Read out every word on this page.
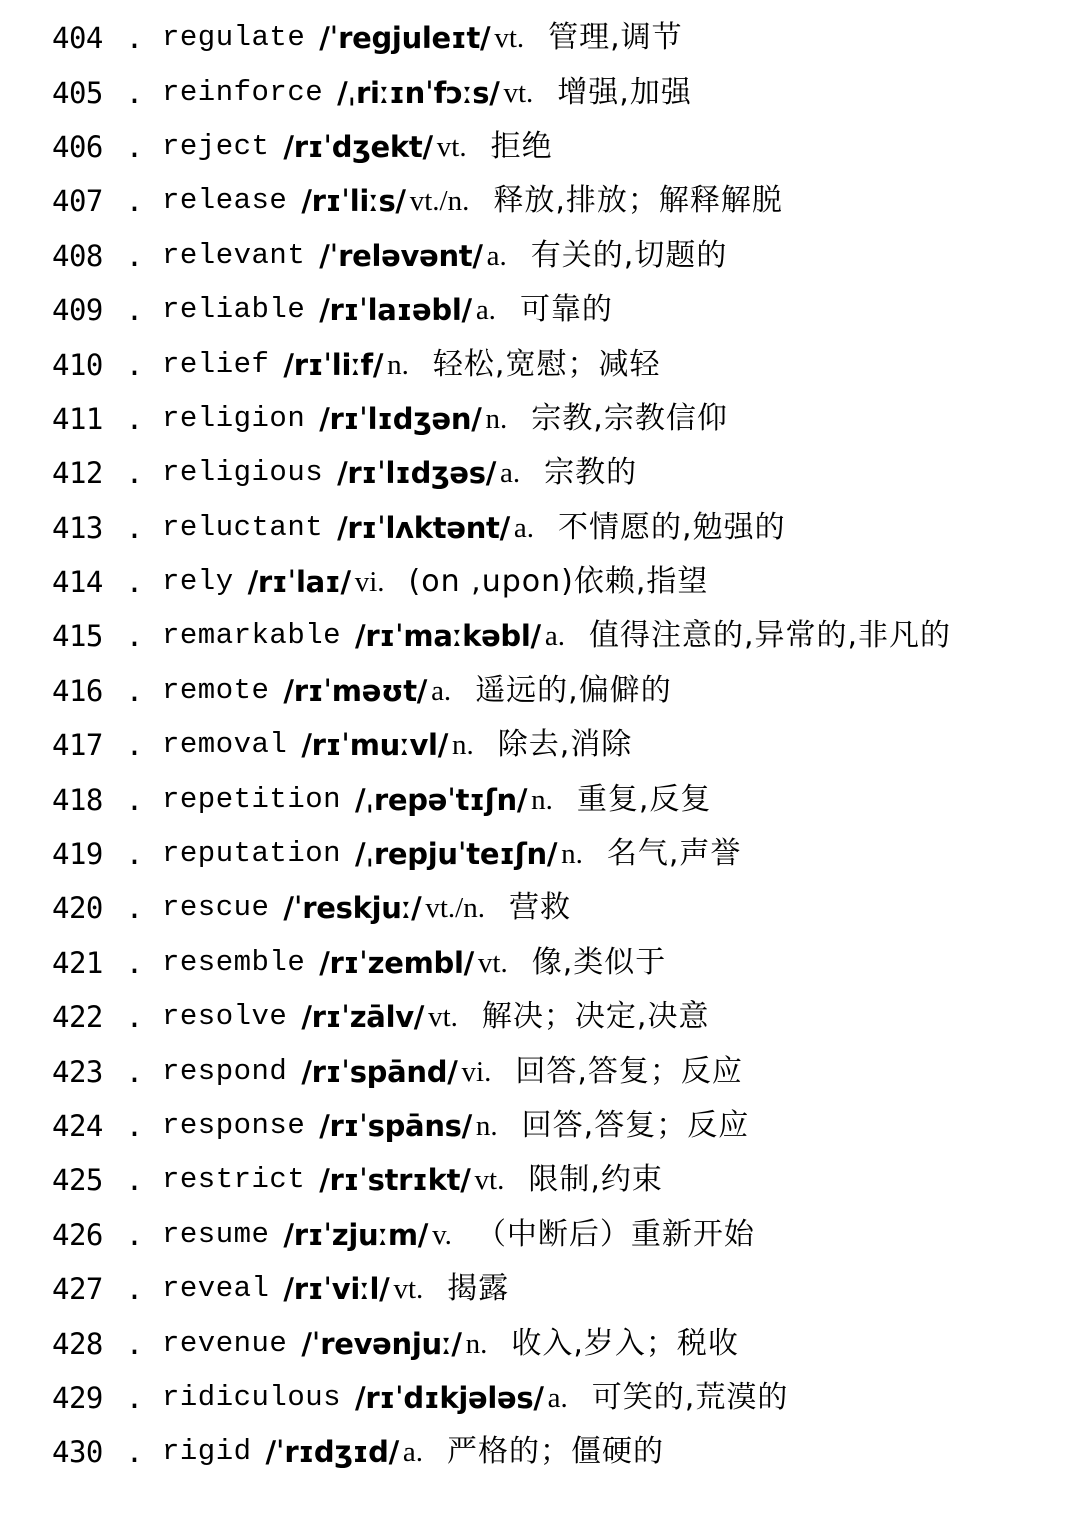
404 . regulate /ˈregjuleɪt/ vt. 管理,调节
405 . reinforce /ˌriːɪnˈfɔːs/ vt. 增强,加强
406 . reject /rɪˈdʒekt/ vt. 拒绝
407 . release /rɪˈliːs/ vt./n. 释放,排放；解释解脱
408 . relevant /ˈreləvənt/ a. 有关的,切题的
409 . reliable /rɪˈlaɪəbl/ a. 可靠的
410 . relief /rɪˈliːf/ n. 轻松,宽慰；减轻
411 . religion /rɪˈlɪdʒən/ n. 宗教,宗教信仰
412 . religious /rɪˈlɪdʒəs/ a. 宗教的
413 . reluctant /rɪˈlʌktənt/ a. 不情愿的,勉强的
414 . rely /rɪˈlaɪ/ vi. (on ,upon)依赖,指望
415 . remarkable /rɪˈmaːkəbl/ a. 值得注意的,异常的,非凡的
416 . remote /rɪˈməʊt/ a. 遥远的,偏僻的
417 . removal /rɪˈmuːvl/ n. 除去,消除
418 . repetition /ˌrepəˈtɪʃn/ n. 重复,反复
419 . reputation /ˌrepjuˈteɪʃn/ n. 名气,声誉
420 . rescue /ˈreskjuː/ vt./n. 营救
421 . resemble /rɪˈzembl/ vt. 像,类似于
422 . resolve /rɪˈzālv/ vt. 解决；决定,决意
423 . respond /rɪˈspānd/ vi. 回答,答复；反应
424 . response /rɪˈspāns/ n. 回答,答复；反应
425 . restrict /rɪˈstrɪkt/ vt. 限制,约束
426 . resume /rɪˈzjuːm/ v. （中断后）重新开始
427 . reveal /rɪˈviːl/ vt. 揭露
428 . revenue /ˈrevənjuː/ n. 收入,岁入；税收
429 . ridiculous /rɪˈdɪkjələs/ a. 可笑的,荒漠的
430 . rigid /ˈrɪdʒɪd/ a. 严格的；僵硬的
